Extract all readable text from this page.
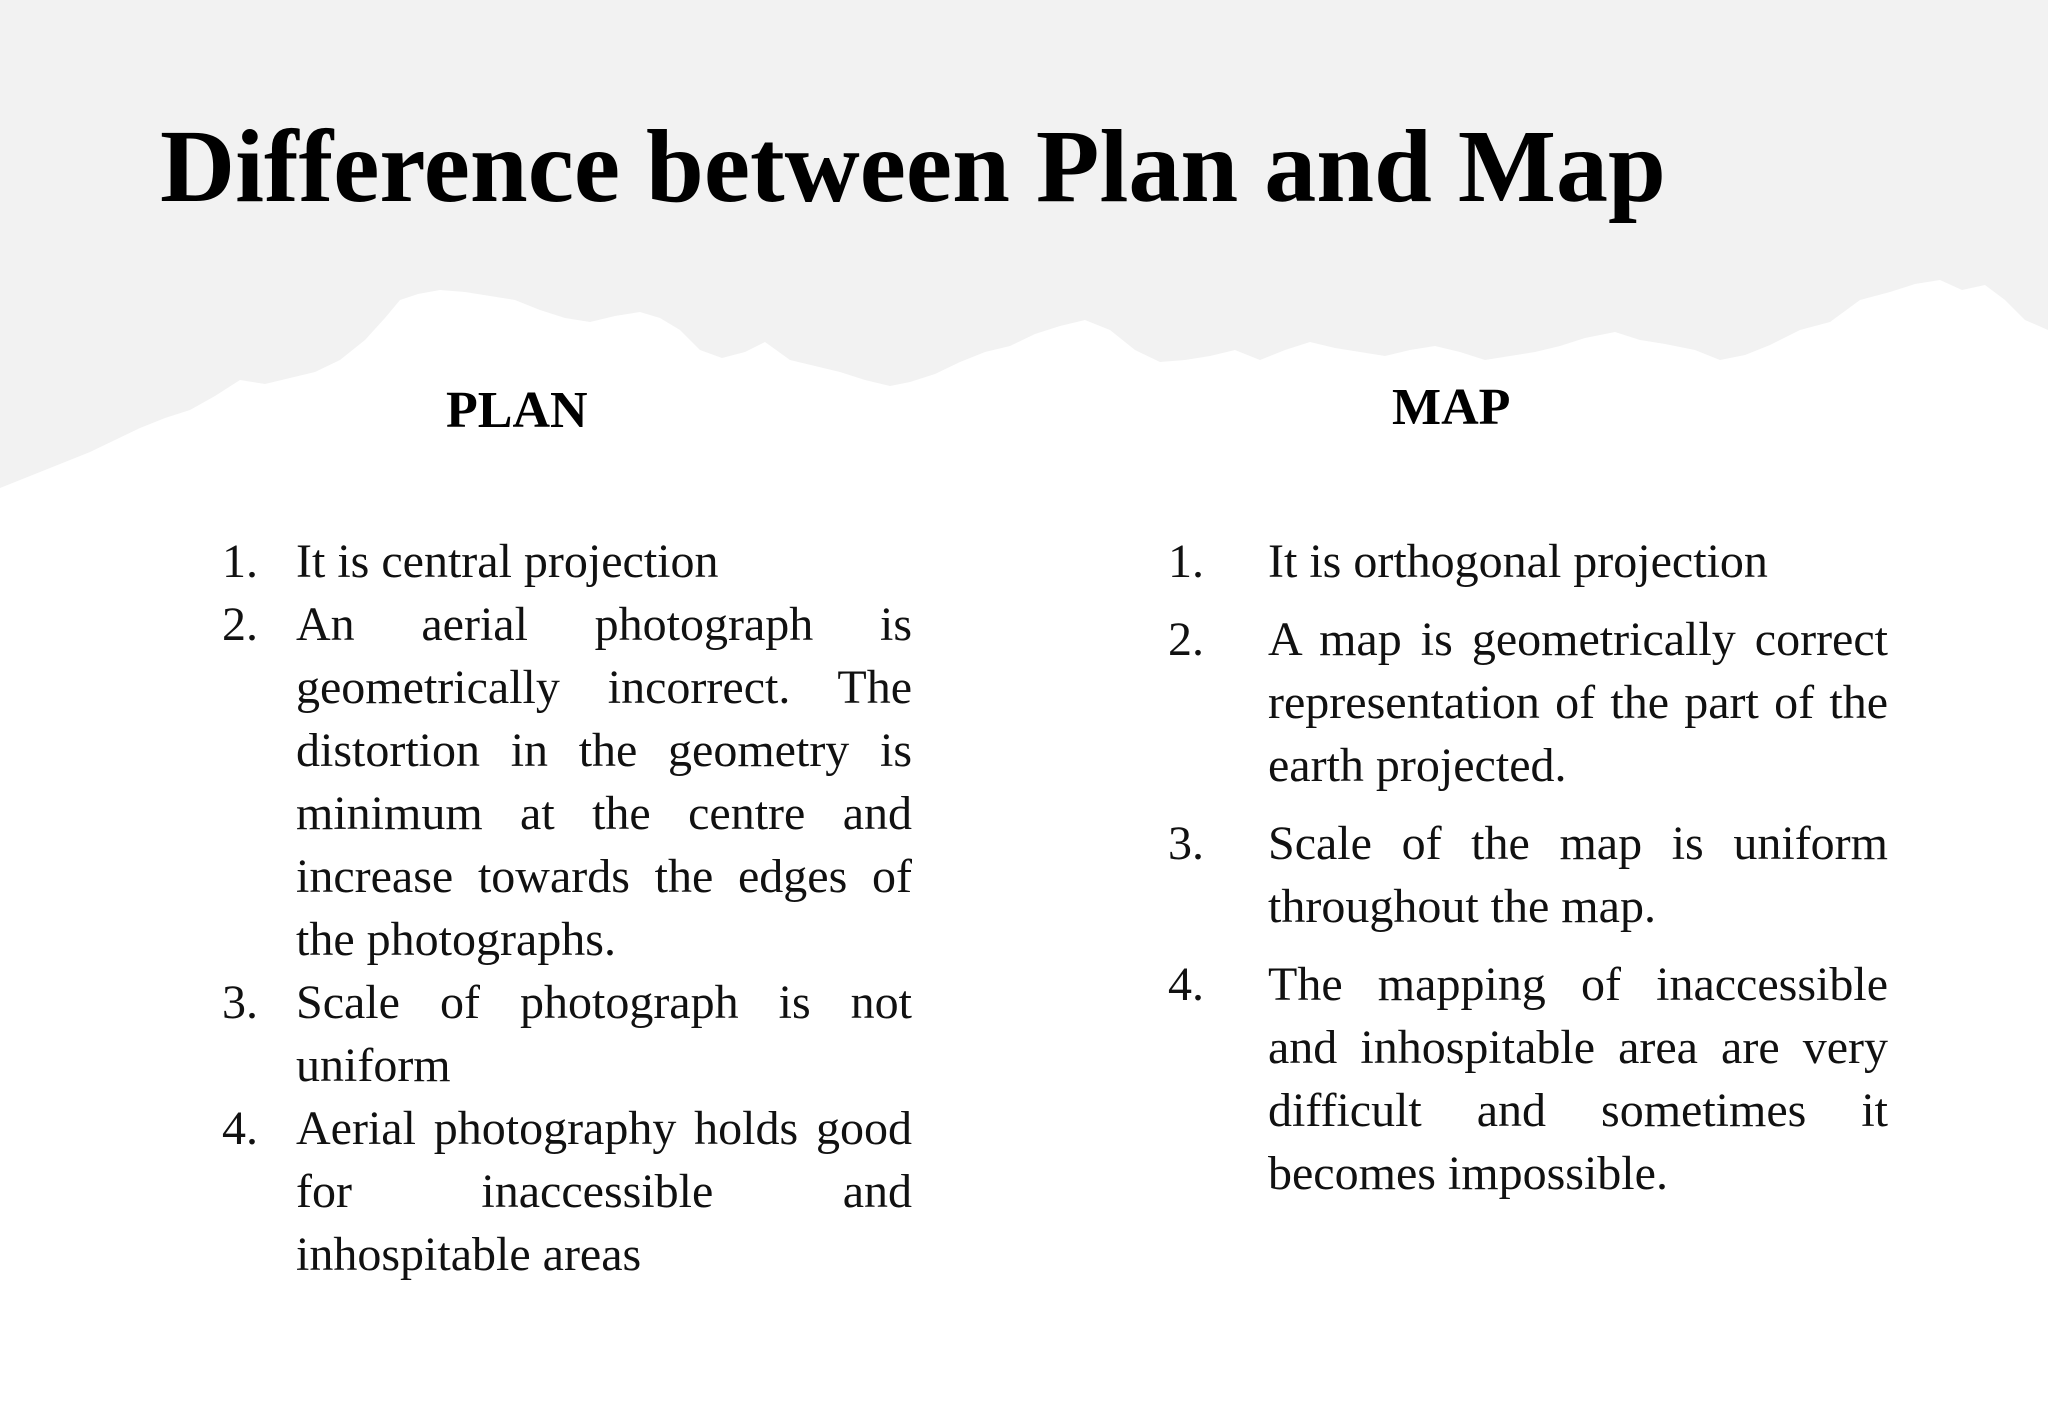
Difference between Plan and Map
PLAN	MAP
1. It is central projection
2. An aerial photograph is geometrically incorrect. The distortion in the geometry is minimum at the centre and increase towards the edges of the photographs.
3. Scale of photograph is not uniform
4. Aerial photography holds good for inaccessible and inhospitable areas
1. It is orthogonal projection
2. A map is geometrically correct representation of the part of the earth projected.
3. Scale of the map is uniform throughout the map.
4. The mapping of inaccessible and inhospitable area are very difficult and sometimes it becomes impossible.
